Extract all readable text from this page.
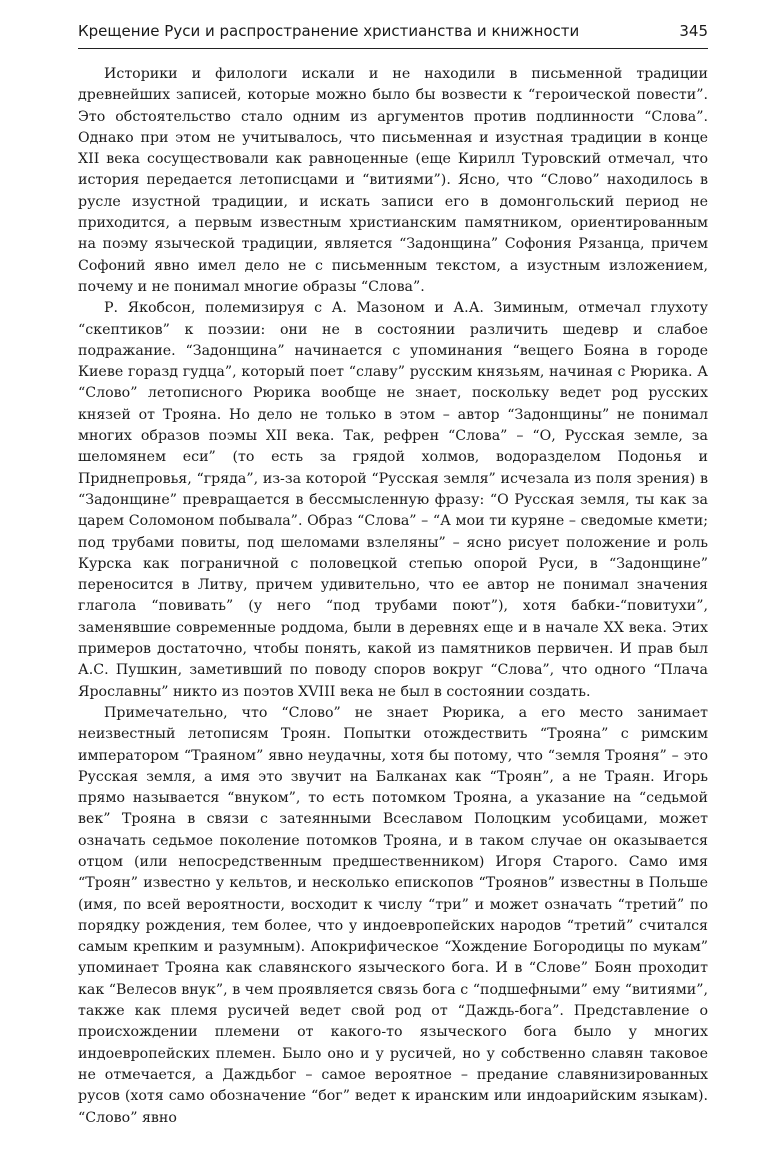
Крещение Руси и распространение христианства и книжности	345

Историки и филологи искали и не находили в письменной традиции древнейших записей, которые можно было бы возвести к “героической повести”. Это обстоятельство стало одним из аргументов против подлинности “Слова”. Однако при этом не учитывалось, что письменная и изустная традиции в конце XII века сосуществовали как равноценные (еще Кирилл Туровский отмечал, что история передается летописцами и “витиями”). Ясно, что “Слово” находилось в русле изустной традиции, и искать записи его в домонгольский период не приходится, а первым известным христианским памятником, ориентированным на поэму языческой традиции, является “Задонщина” Софония Рязанца, причем Софоний явно имел дело не с письменным текстом, а изустным изложением, почему и не понимал многие образы “Слова”.

Р. Якобсон, полемизируя с А. Мазоном и А.А. Зиминым, отмечал глухоту “скептиков” к поэзии: они не в состоянии различить шедевр и слабое подражание. “Задонщина” начинается с упоминания “вещего Бояна в городе Киеве горазд гудца”, который поет “славу” русским князьям, начиная с Рюрика. А “Слово” летописного Рюрика вообще не знает, поскольку ведет род русских князей от Трояна. Но дело не только в этом – автор “Задонщины” не понимал многих образов поэмы XII века. Так, рефрен “Слова” – “О, Русская земле, за шеломянем еси” (то есть за грядой холмов, водоразделом Подонья и Приднепровья, “гряда”, из-за которой “Русская земля” исчезала из поля зрения) в “Задонщине” превращается в бессмысленную фразу: “О Русская земля, ты как за царем Соломоном побывала”. Образ “Слова” – “А мои ти куряне – сведомые кмети; под трубами повиты, под шеломами взлеляны” – ясно рисует положение и роль Курска как пограничной с половецкой степью опорой Руси, в “Задонщине” переносится в Литву, причем удивительно, что ее автор не понимал значения глагола “повивать” (у него “под трубами поют”), хотя бабки-“повитухи”, заменявшие современные роддома, были в деревнях еще и в начале XX века. Этих примеров достаточно, чтобы понять, какой из памятников первичен. И прав был А.С. Пушкин, заметивший по поводу споров вокруг “Слова”, что одного “Плача Ярославны” никто из поэтов XVIII века не был в состоянии создать.

Примечательно, что “Слово” не знает Рюрика, а его место занимает неизвестный летописям Троян. Попытки отождествить “Трояна” с римским императором “Траяном” явно неудачны, хотя бы потому, что “земля Трояня” – это Русская земля, а имя это звучит на Балканах как “Троян”, а не Траян. Игорь прямо называется “внуком”, то есть потомком Трояна, а указание на “седьмой век” Трояна в связи с затеянными Всеславом Полоцким усобицами, может означать седьмое поколение потомков Трояна, и в таком случае он оказывается отцом (или непосредственным предшественником) Игоря Старого. Само имя “Троян” известно у кельтов, и несколько епископов “Троянов” известны в Польше (имя, по всей вероятности, восходит к числу “три” и может означать “третий” по порядку рождения, тем более, что у индоевропейских народов “третий” считался самым крепким и разумным). Апокрифическое “Хождение Богородицы по мукам” упоминает Трояна как славянского языческого бога. И в “Слове” Боян проходит как “Велесов внук”, в чем проявляется связь бога с “подшефными” ему “витиями”, также как племя русичей ведет свой род от “Даждь-бога”. Представление о происхождении племени от какого-то языческого бога было у многих индоевропейских племен. Было оно и у русичей, но у собственно славян таковое не отмечается, а Даждьбог – самое вероятное – предание славянизированных русов (хотя само обозначение “бог” ведет к иранским или индоарийским языкам). “Слово” явно
